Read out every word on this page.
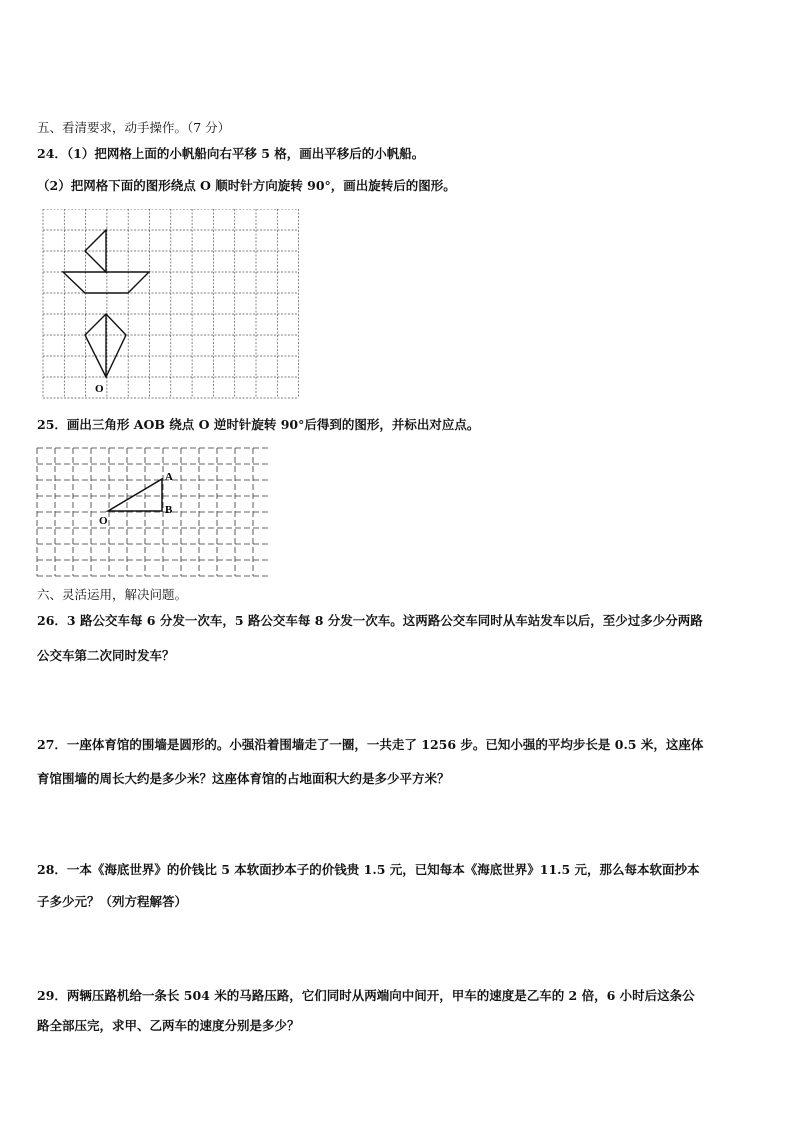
五、看清要求，动手操作。（7 分）
24．（1）把网格上面的小帆船向右平移 5 格，画出平移后的小帆船。
（2）把网格下面的图形绕点 O 顺时针方向旋转 90°，画出旋转后的图形。
O
25．画出三角形 AOB 绕点 O 逆时针旋转 90°后得到的图形，并标出对应点。
A
B
O
六、灵活运用，解决问题。
26．3 路公交车每 6 分发一次车，5 路公交车每 8 分发一次车。这两路公交车同时从车站发车以后，至少过多少分两路
公交车第二次同时发车？
27．一座体育馆的围墙是圆形的。小强沿着围墙走了一圈，一共走了 1256 步。已知小强的平均步长是 0.5 米，这座体
育馆围墙的周长大约是多少米？这座体育馆的占地面积大约是多少平方米？
28．一本《海底世界》的价钱比 5 本软面抄本子的价钱贵 1.5 元，已知每本《海底世界》11.5 元，那么每本软面抄本
子多少元？（列方程解答）
29．两辆压路机给一条长 504 米的马路压路，它们同时从两端向中间开，甲车的速度是乙车的 2 倍，6 小时后这条公
路全部压完，求甲、乙两车的速度分别是多少？
